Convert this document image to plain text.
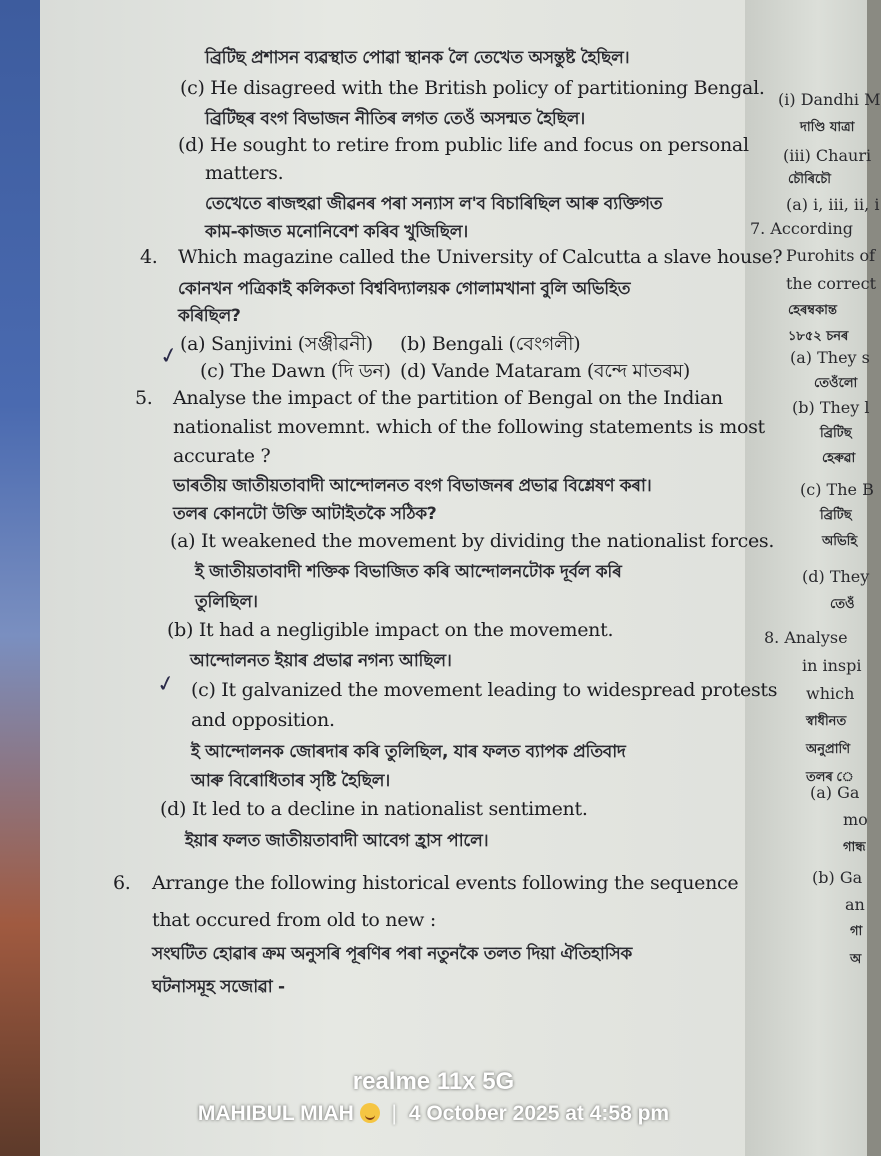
ব্ৰিটিছ প্ৰশাসন ব্যৱস্থাত পোৱা স্থানক লৈ তেখেত অসন্তুষ্ট হৈছিল।
(c) He disagreed with the British policy of partitioning Bengal.
ব্ৰিটিছৰ বংগ বিভাজন নীতিৰ লগত তেওঁ অসন্মত হৈছিল।
(d) He sought to retire from public life and focus on personal
matters.
তেখেতে ৰাজহুৱা জীৱনৰ পৰা সন্যাস ল'ব বিচাৰিছিল আৰু ব্যক্তিগত
কাম-কাজত মনোনিবেশ কৰিব খুজিছিল।
4. Which magazine called the University of Calcutta a slave house?
কোনখন পত্ৰিকাই কলিকতা বিশ্ববিদ্যালয়ক গোলামখানা বুলি অভিহিত
কৰিছিল?
(a) Sanjivini (সঞ্জীৱনী) (b) Bengali (বেংগলী)
(c) The Dawn (দি ডন) (d) Vande Mataram (বন্দে মাতৰম)
5. Analyse the impact of the partition of Bengal on the Indian
nationalist movemnt. which of the following statements is most
accurate ?
ভাৰতীয় জাতীয়তাবাদী আন্দোলনত বংগ বিভাজনৰ প্ৰভাৱ বিশ্লেষণ কৰা।
তলৰ কোনটো উক্তি আটাইতকৈ সঠিক?
(a) It weakened the movement by dividing the nationalist forces.
ই জাতীয়তাবাদী শক্তিক বিভাজিত কৰি আন্দোলনটোক দূৰ্বল কৰি
তুলিছিল।
(b) It had a negligible impact on the movement.
আন্দোলনত ইয়াৰ প্ৰভাৱ নগন্য আছিল।
(c) It galvanized the movement leading to widespread protests
and opposition.
ই আন্দোলনক জোৰদাৰ কৰি তুলিছিল, যাৰ ফলত ব্যাপক প্ৰতিবাদ
আৰু বিৰোধিতাৰ সৃষ্টি হৈছিল।
(d) It led to a decline in nationalist sentiment.
ইয়াৰ ফলত জাতীয়তাবাদী আবেগ হ্ৰাস পালে।
6. Arrange the following historical events following the sequence
that occured from old to new :
সংঘটিত হোৱাৰ ক্ৰম অনুসৰি পূৰণিৰ পৰা নতুনকৈ তলত দিয়া ঐতিহাসিক
ঘটনাসমূহ সজোৱা -
✓
✓
realme 11x 5G
MAHIBUL MIAH | 4 October 2025 at 4:58 pm
(i) Dandhi M
দাণ্ডি যাত্ৰা
(iii) Chauri
চৌৰিচৌ
(a) i, iii, ii, i
7. According
Purohits of
the correct
হেৰম্বকান্ত
১৮৫২ চনৰ
(a) They s
তেওঁলো
(b) They l
ব্ৰিটিছ
হেৰুৱা
(c) The B
ব্ৰিটিছ
অভিহি
(d) They
তেওঁ
8. Analyse
in inspi
which
স্বাধীনত
অনুপ্ৰাণি
তলৰ ে
(a) Ga
mo
গান্ধ
(b) Ga
an
গা
অ
